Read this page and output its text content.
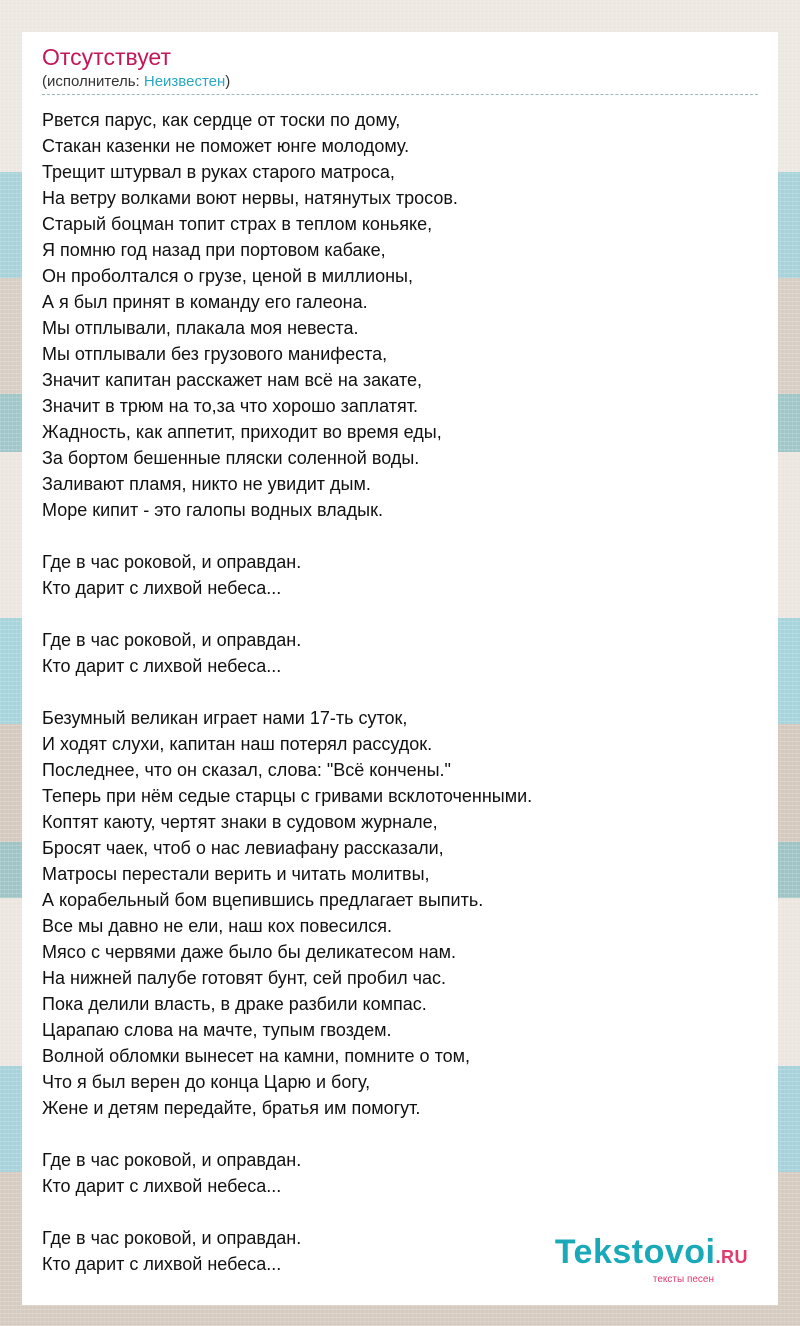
Отсутствует
(исполнитель: Неизвестен)
Рвется парус, как сердце от тоски по дому,
Стакан казенки не поможет юнге молодому.
Трещит штурвал в руках старого матроса,
На ветру волками воют нервы, натянутых тросов.
Старый боцман топит страх в теплом коньяке,
Я помню год назад при портовом кабаке,
Он проболтался о грузе, ценой в миллионы,
А я был принят в команду его галеона.
Мы отплывали, плакала моя невеста.
Мы отплывали без грузового манифеста,
Значит капитан расскажет нам всё на закате,
Значит в трюм на то,за что хорошо заплатят.
Жадность, как аппетит, приходит во время еды,
За бортом бешенные пляски соленной воды.
Заливают пламя, никто не увидит дым.
Море кипит - это галопы водных владык.
Где в час роковой, и оправдан.
Кто дарит с лихвой небеса...
Где в час роковой, и оправдан.
Кто дарит с лихвой небеса...
Безумный великан играет нами 17-ть суток,
И ходят слухи, капитан наш потерял рассудок.
Последнее, что он сказал, слова: "Всё кончены."
Теперь при нём седые старцы с гривами всклоточенными.
Коптят каюту, чертят знаки в судовом журнале,
Бросят чаек, чтоб о нас левиафану рассказали,
Матросы перестали верить и читать молитвы,
А корабельный бом вцепившись предлагает выпить.
Все мы давно не ели, наш кох повесился.
Мясо с червями даже было бы деликатесом нам.
На нижней палубе готовят бунт, сей пробил час.
Пока делили власть, в драке разбили компас.
Царапаю слова на мачте, тупым гвоздем.
Волной обломки вынесет на камни, помните о том,
Что я был верен до конца Царю и богу,
Жене и детям передайте, братья им помогут.
Где в час роковой, и оправдан.
Кто дарит с лихвой небеса...
Где в час роковой, и оправдан.
Кто дарит с лихвой небеса...	Tekstovoi.RU
тексты песен
